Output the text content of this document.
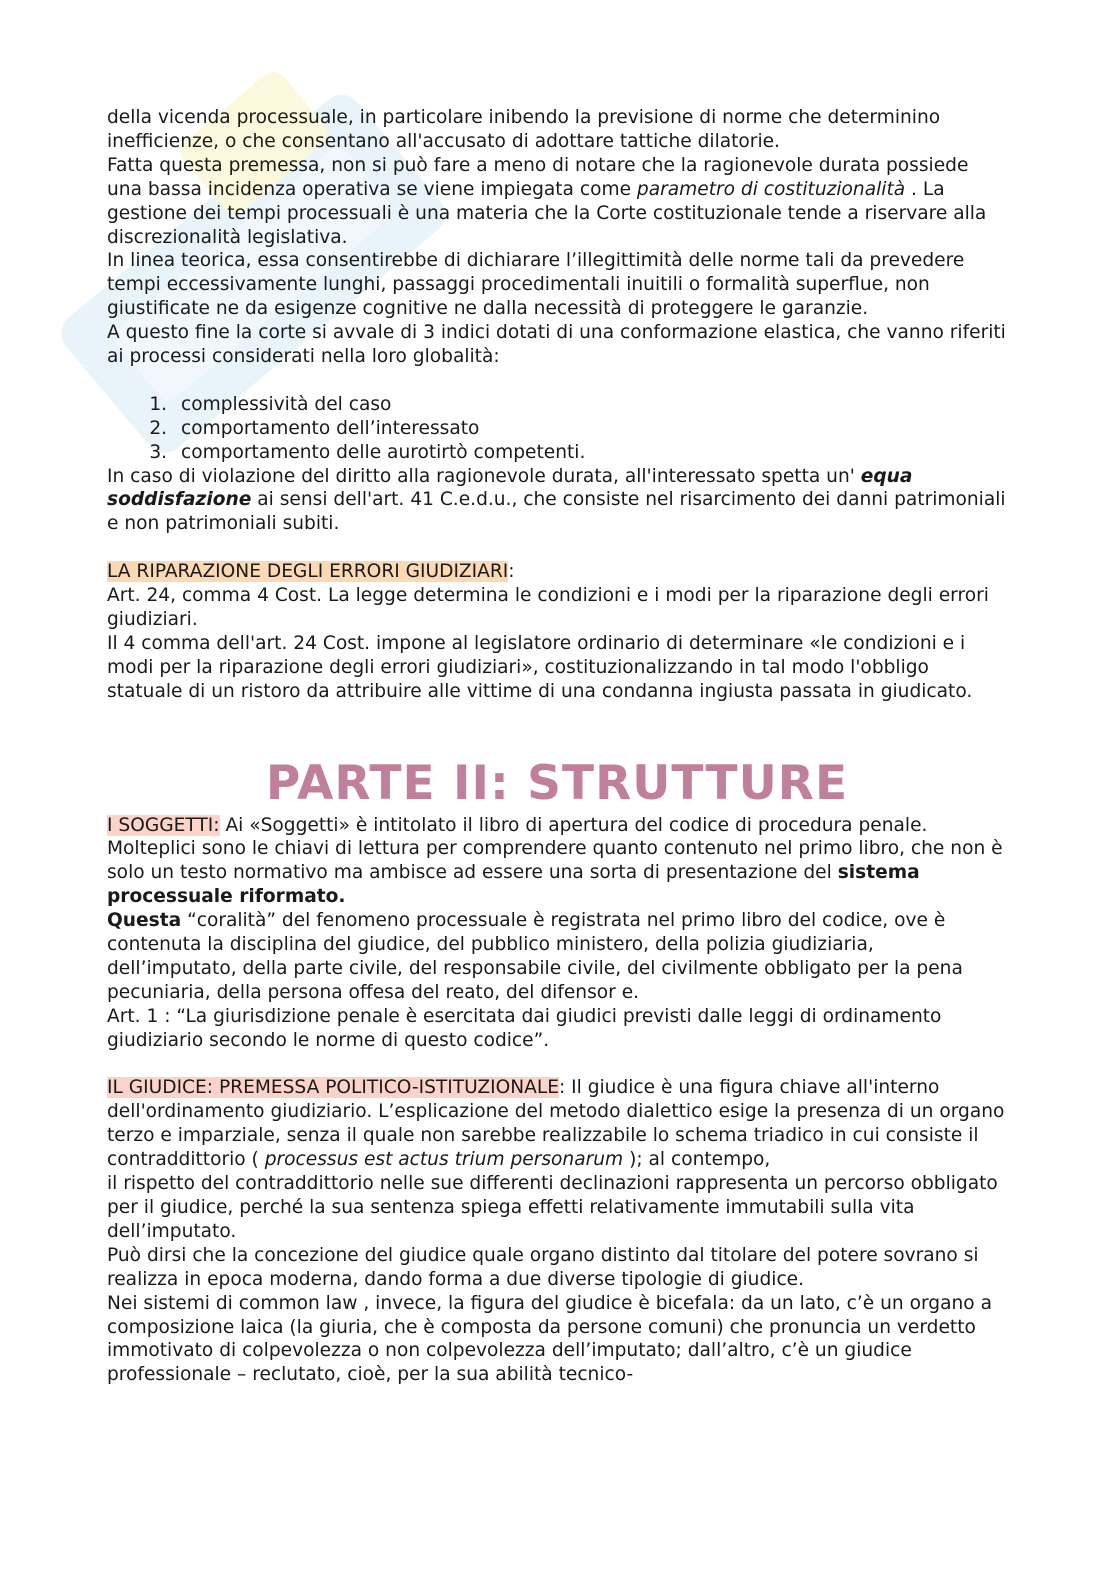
della vicenda processuale, in particolare inibendo la previsione di norme che determinino inefficienze, o che consentano all'accusato di adottare tattiche dilatorie.

Fatta questa premessa, non si può fare a meno di notare che la ragionevole durata possiede una bassa incidenza operativa se viene impiegata come parametro di costituzionalità . La gestione dei tempi processuali è una materia che la Corte costituzionale tende a riservare alla discrezionalità legislativa.

In linea teorica, essa consentirebbe di dichiarare l’illegittimità delle norme tali da prevedere tempi eccessivamente lunghi, passaggi procedimentali inuitili o formalità superflue, non giustificate ne da esigenze cognitive ne dalla necessità di proteggere le garanzie.

A questo fine la corte si avvale di 3 indici dotati di una conformazione elastica, che vanno riferiti ai processi considerati nella loro globalità:

1. complessività del caso
2. comportamento dell’interessato
3. comportamento delle aurotirtò competenti.

In caso di violazione del diritto alla ragionevole durata, all'interessato spetta un' equa soddisfazione ai sensi dell'art. 41 C.e.d.u., che consiste nel risarcimento dei danni patrimoniali e non patrimoniali subiti.

LA RIPARAZIONE DEGLI ERRORI GIUDIZIARI:

Art. 24, comma 4 Cost. La legge determina le condizioni e i modi per la riparazione degli errori giudiziari.

Il 4 comma dell'art. 24 Cost. impone al legislatore ordinario di determinare «le condizioni e i modi per la riparazione degli errori giudiziari», costituzionalizzando in tal modo l'obbligo statuale di un ristoro da attribuire alle vittime di una condanna ingiusta passata in giudicato.

PARTE II: STRUTTURE

I SOGGETTI: Ai «Soggetti» è intitolato il libro di apertura del codice di procedura penale. Molteplici sono le chiavi di lettura per comprendere quanto contenuto nel primo libro, che non è solo un testo normativo ma ambisce ad essere una sorta di presentazione del sistema processuale riformato.

Questa “coralità” del fenomeno processuale è registrata nel primo libro del codice, ove è contenuta la disciplina del giudice, del pubblico ministero, della polizia giudiziaria, dell’imputato, della parte civile, del responsabile civile, del civilmente obbligato per la pena pecuniaria, della persona offesa del reato, del difensor e.

Art. 1 : “La giurisdizione penale è esercitata dai giudici previsti dalle leggi di ordinamento giudiziario secondo le norme di questo codice”.

IL GIUDICE: PREMESSA POLITICO-ISTITUZIONALE: Il giudice è una figura chiave all'interno dell'ordinamento giudiziario. L’esplicazione del metodo dialettico esige la presenza di un organo terzo e imparziale, senza il quale non sarebbe realizzabile lo schema triadico in cui consiste il contraddittorio ( processus est actus trium personarum ); al contempo,

il rispetto del contraddittorio nelle sue differenti declinazioni rappresenta un percorso obbligato per il giudice, perché la sua sentenza spiega effetti relativamente immutabili sulla vita dell’imputato.

Può dirsi che la concezione del giudice quale organo distinto dal titolare del potere sovrano si realizza in epoca moderna, dando forma a due diverse tipologie di giudice.

Nei sistemi di common law , invece, la figura del giudice è bicefala: da un lato, c’è un organo a composizione laica (la giuria, che è composta da persone comuni) che pronuncia un verdetto immotivato di colpevolezza o non colpevolezza dell’imputato; dall’altro, c’è un giudice professionale – reclutato, cioè, per la sua abilità tecnico-
